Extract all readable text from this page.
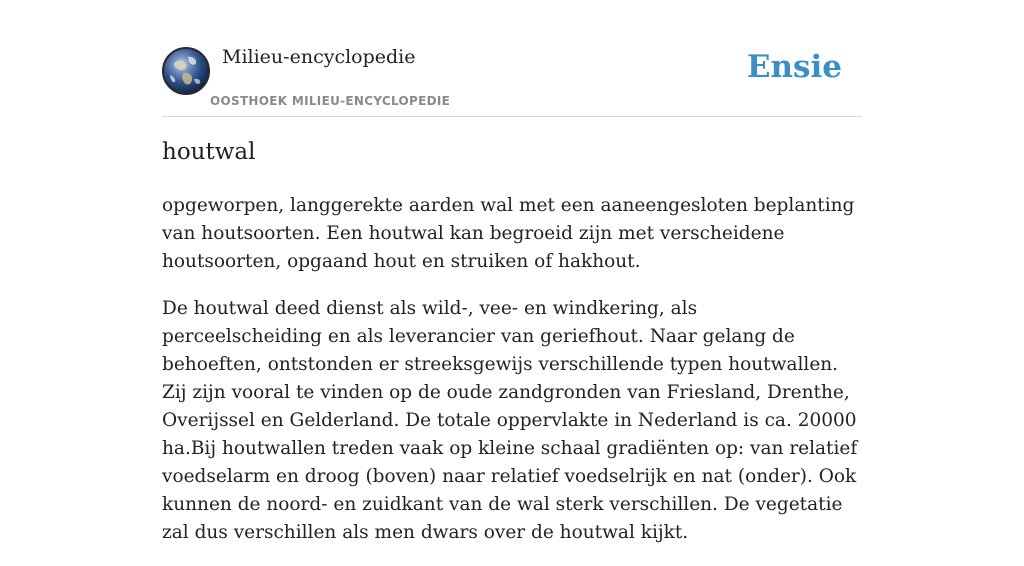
Milieu-encyclopedie
OOSTHOEK MILIEU-ENCYCLOPEDIE
Ensie
houtwal

opgeworpen, langgerekte aarden wal met een aaneengesloten beplanting van houtsoorten. Een houtwal kan begroeid zijn met verscheidene houtsoorten, opgaand hout en struiken of hakhout.

De houtwal deed dienst als wild-, vee- en windkering, als perceelscheiding en als leverancier van geriefhout. Naar gelang de behoeften, ontstonden er streeksgewijs verschillende typen houtwallen. Zij zijn vooral te vinden op de oude zandgronden van Friesland, Drenthe, Overijssel en Gelderland. De totale oppervlakte in Nederland is ca. 20000 ha.Bij houtwallen treden vaak op kleine schaal gradiënten op: van relatief voedselarm en droog (boven) naar relatief voedselrijk en nat (onder). Ook kunnen de noord- en zuidkant van de wal sterk verschillen. De vegetatie zal dus verschillen als men dwars over de houtwal kijkt.
